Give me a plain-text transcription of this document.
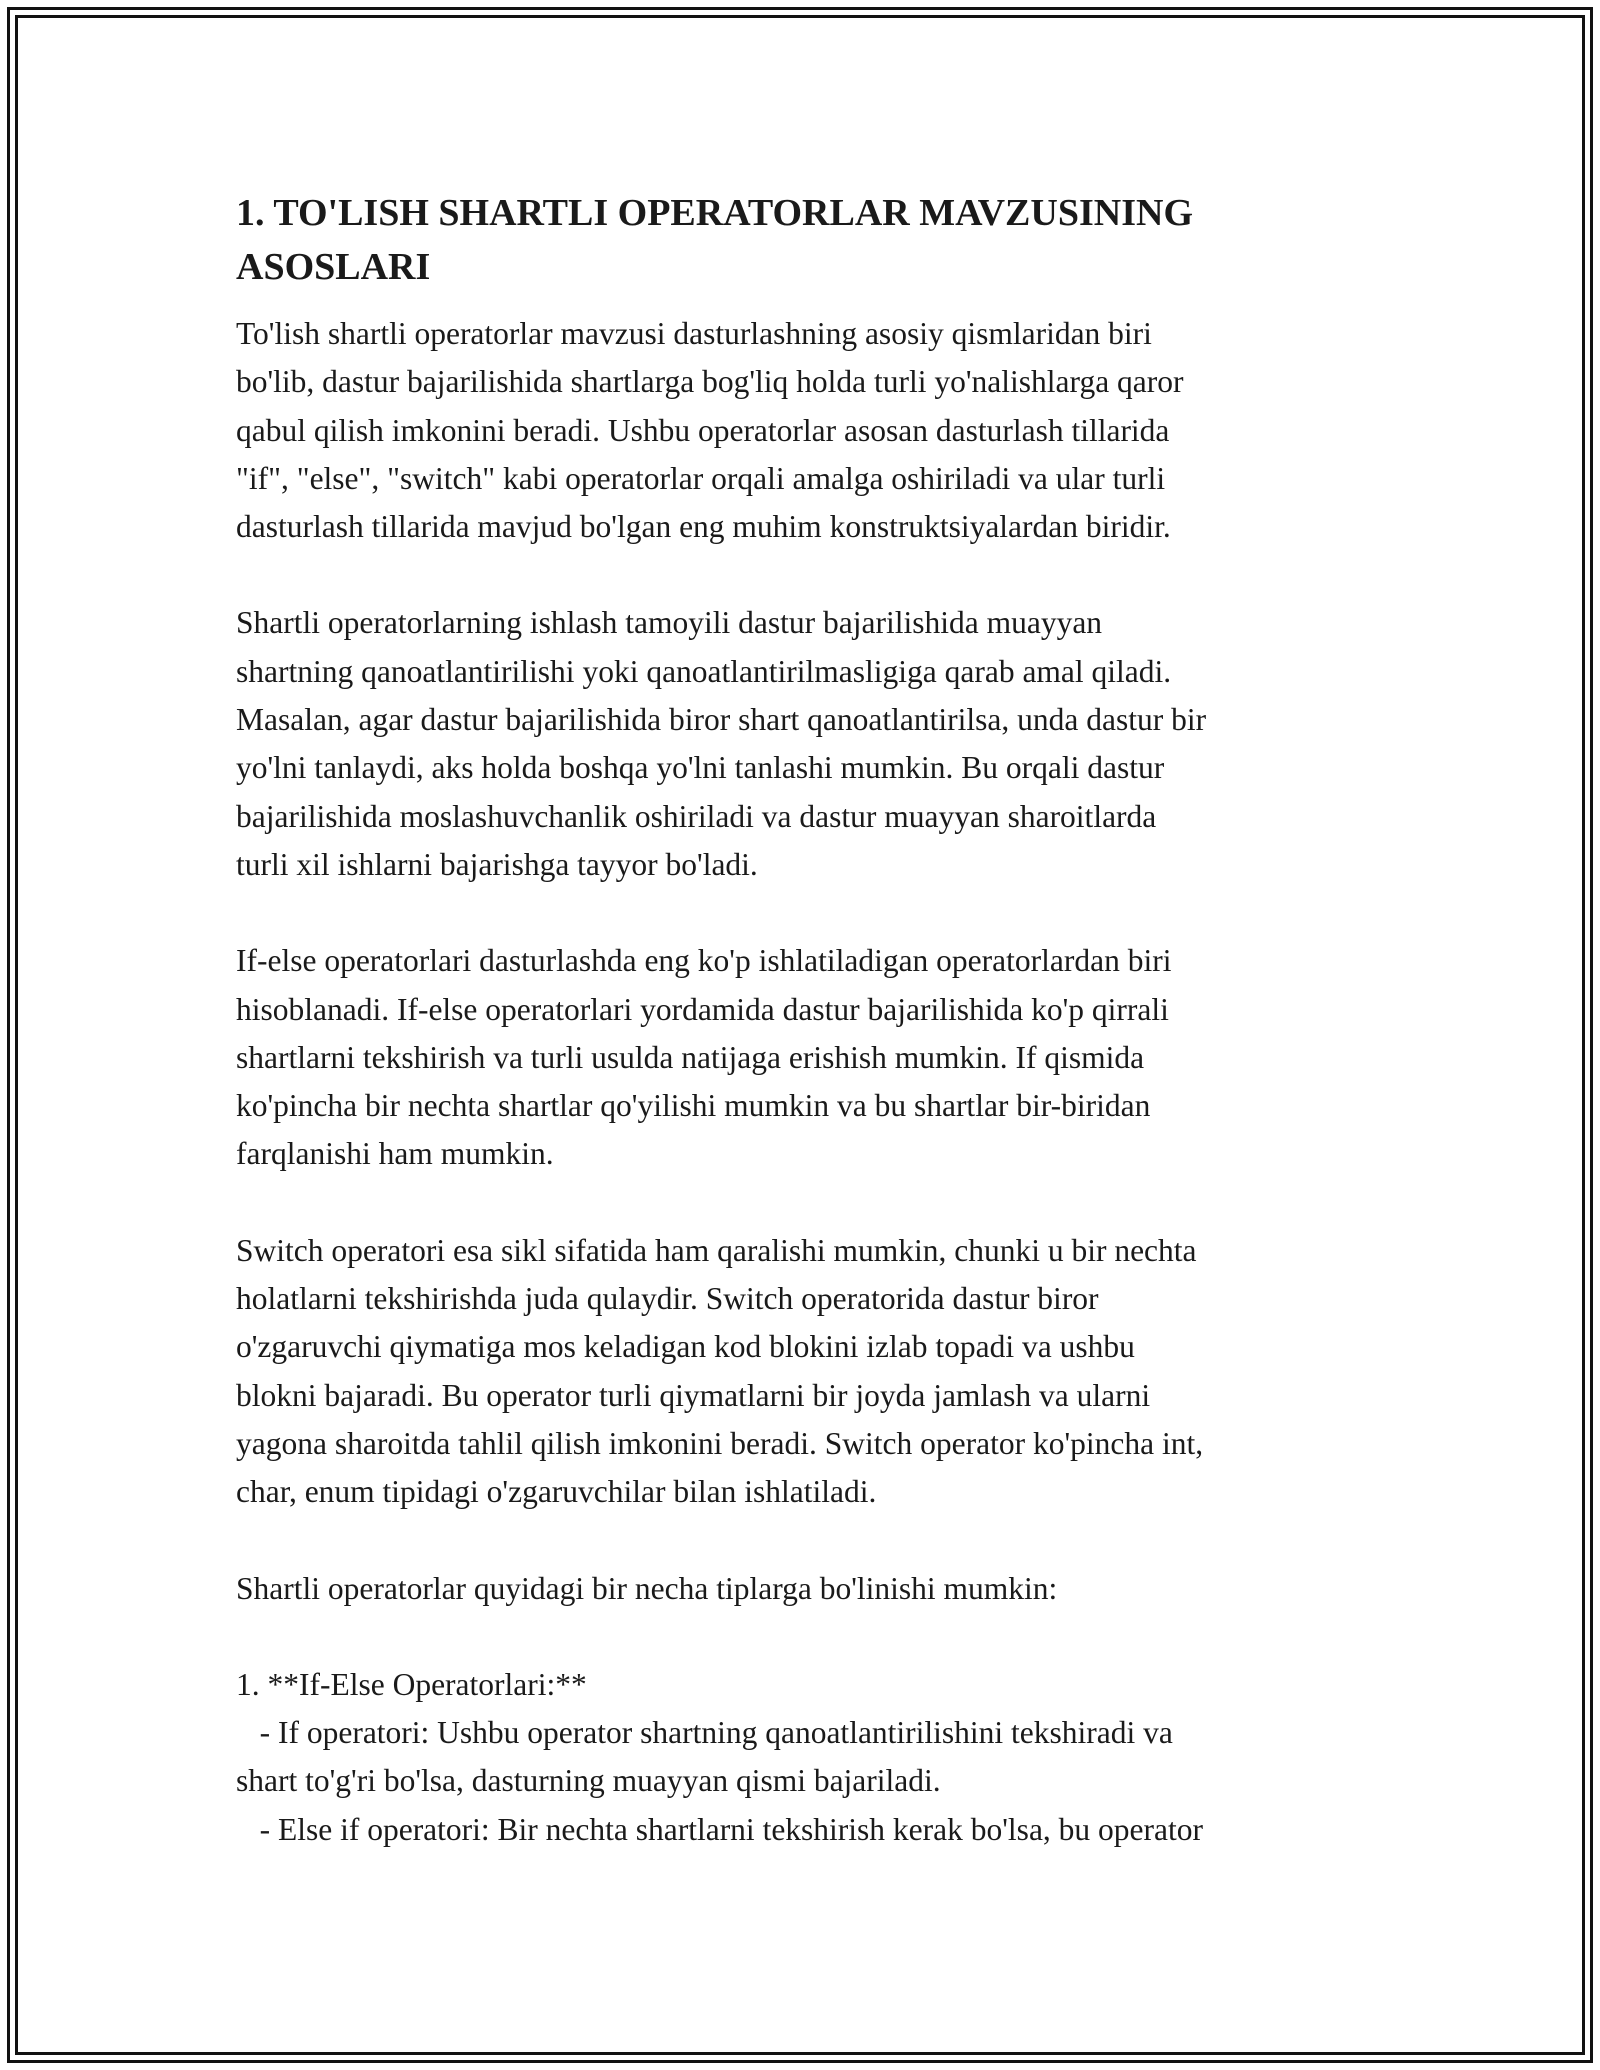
1. TO'LISH SHARTLI OPERATORLAR MAVZUSINING
ASOSLARI

To'lish shartli operatorlar mavzusi dasturlashning asosiy qismlaridan biri
bo'lib, dastur bajarilishida shartlarga bog'liq holda turli yo'nalishlarga qaror
qabul qilish imkonini beradi. Ushbu operatorlar asosan dasturlash tillarida
"if", "else", "switch" kabi operatorlar orqali amalga oshiriladi va ular turli
dasturlash tillarida mavjud bo'lgan eng muhim konstruktsiyalardan biridir.

Shartli operatorlarning ishlash tamoyili dastur bajarilishida muayyan
shartning qanoatlantirilishi yoki qanoatlantirilmasligiga qarab amal qiladi.
Masalan, agar dastur bajarilishida biror shart qanoatlantirilsa, unda dastur bir
yo'lni tanlaydi, aks holda boshqa yo'lni tanlashi mumkin. Bu orqali dastur
bajarilishida moslashuvchanlik oshiriladi va dastur muayyan sharoitlarda
turli xil ishlarni bajarishga tayyor bo'ladi.

If-else operatorlari dasturlashda eng ko'p ishlatiladigan operatorlardan biri
hisoblanadi. If-else operatorlari yordamida dastur bajarilishida ko'p qirrali
shartlarni tekshirish va turli usulda natijaga erishish mumkin. If qismida
ko'pincha bir nechta shartlar qo'yilishi mumkin va bu shartlar bir-biridan
farqlanishi ham mumkin.

Switch operatori esa sikl sifatida ham qaralishi mumkin, chunki u bir nechta
holatlarni tekshirishda juda qulaydir. Switch operatorida dastur biror
o'zgaruvchi qiymatiga mos keladigan kod blokini izlab topadi va ushbu
blokni bajaradi. Bu operator turli qiymatlarni bir joyda jamlash va ularni
yagona sharoitda tahlil qilish imkonini beradi. Switch operator ko'pincha int,
char, enum tipidagi o'zgaruvchilar bilan ishlatiladi.

Shartli operatorlar quyidagi bir necha tiplarga bo'linishi mumkin:

1. **If-Else Operatorlari:**
- If operatori: Ushbu operator shartning qanoatlantirilishini tekshiradi va
shart to'g'ri bo'lsa, dasturning muayyan qismi bajariladi.
- Else if operatori: Bir nechta shartlarni tekshirish kerak bo'lsa, bu operator
